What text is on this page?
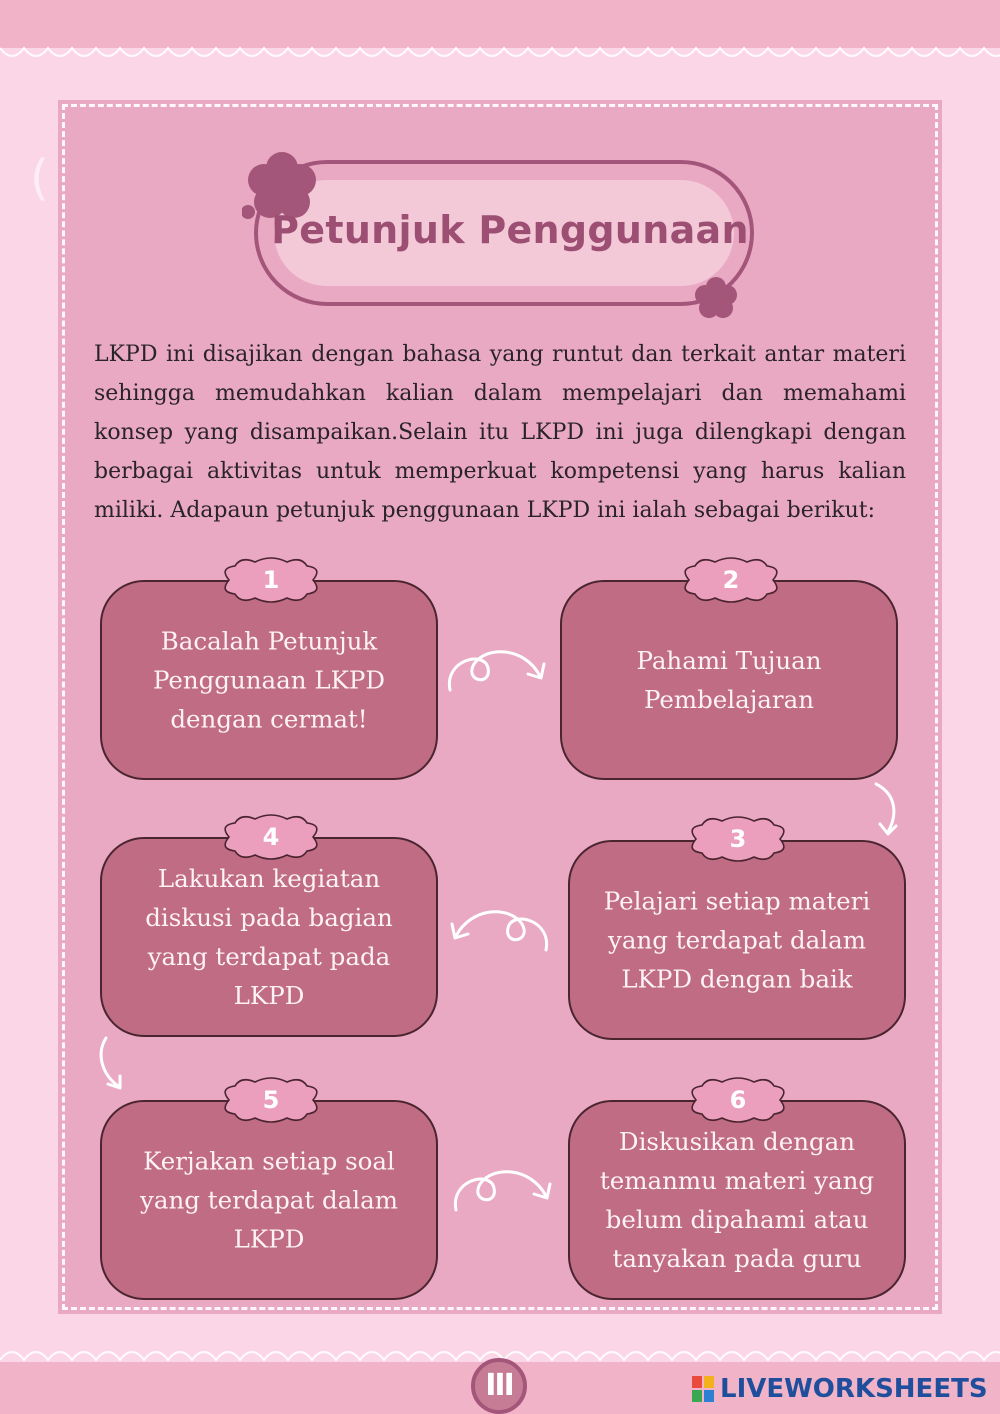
(
Petunjuk Penggunaan
LKPD ini disajikan dengan bahasa yang runtut dan terkait antar materi sehingga memudahkan kalian dalam mempelajari dan memahami konsep yang disampaikan.Selain itu LKPD ini juga dilengkapi dengan berbagai aktivitas untuk memperkuat kompetensi yang harus kalian miliki. Adapaun petunjuk penggunaan LKPD ini ialah sebagai berikut:
Bacalah Petunjuk Penggunaan LKPD dengan cermat!
1
Pahami Tujuan Pembelajaran
2
Lakukan kegiatan diskusi pada bagian yang terdapat pada LKPD
4
Pelajari setiap materi yang terdapat dalam LKPD dengan baik
3
Kerjakan setiap soal yang terdapat dalam LKPD
5
Diskusikan dengan temanmu materi yang belum dipahami atau tanyakan pada guru
6
III	LIVEWORKSHEETS
